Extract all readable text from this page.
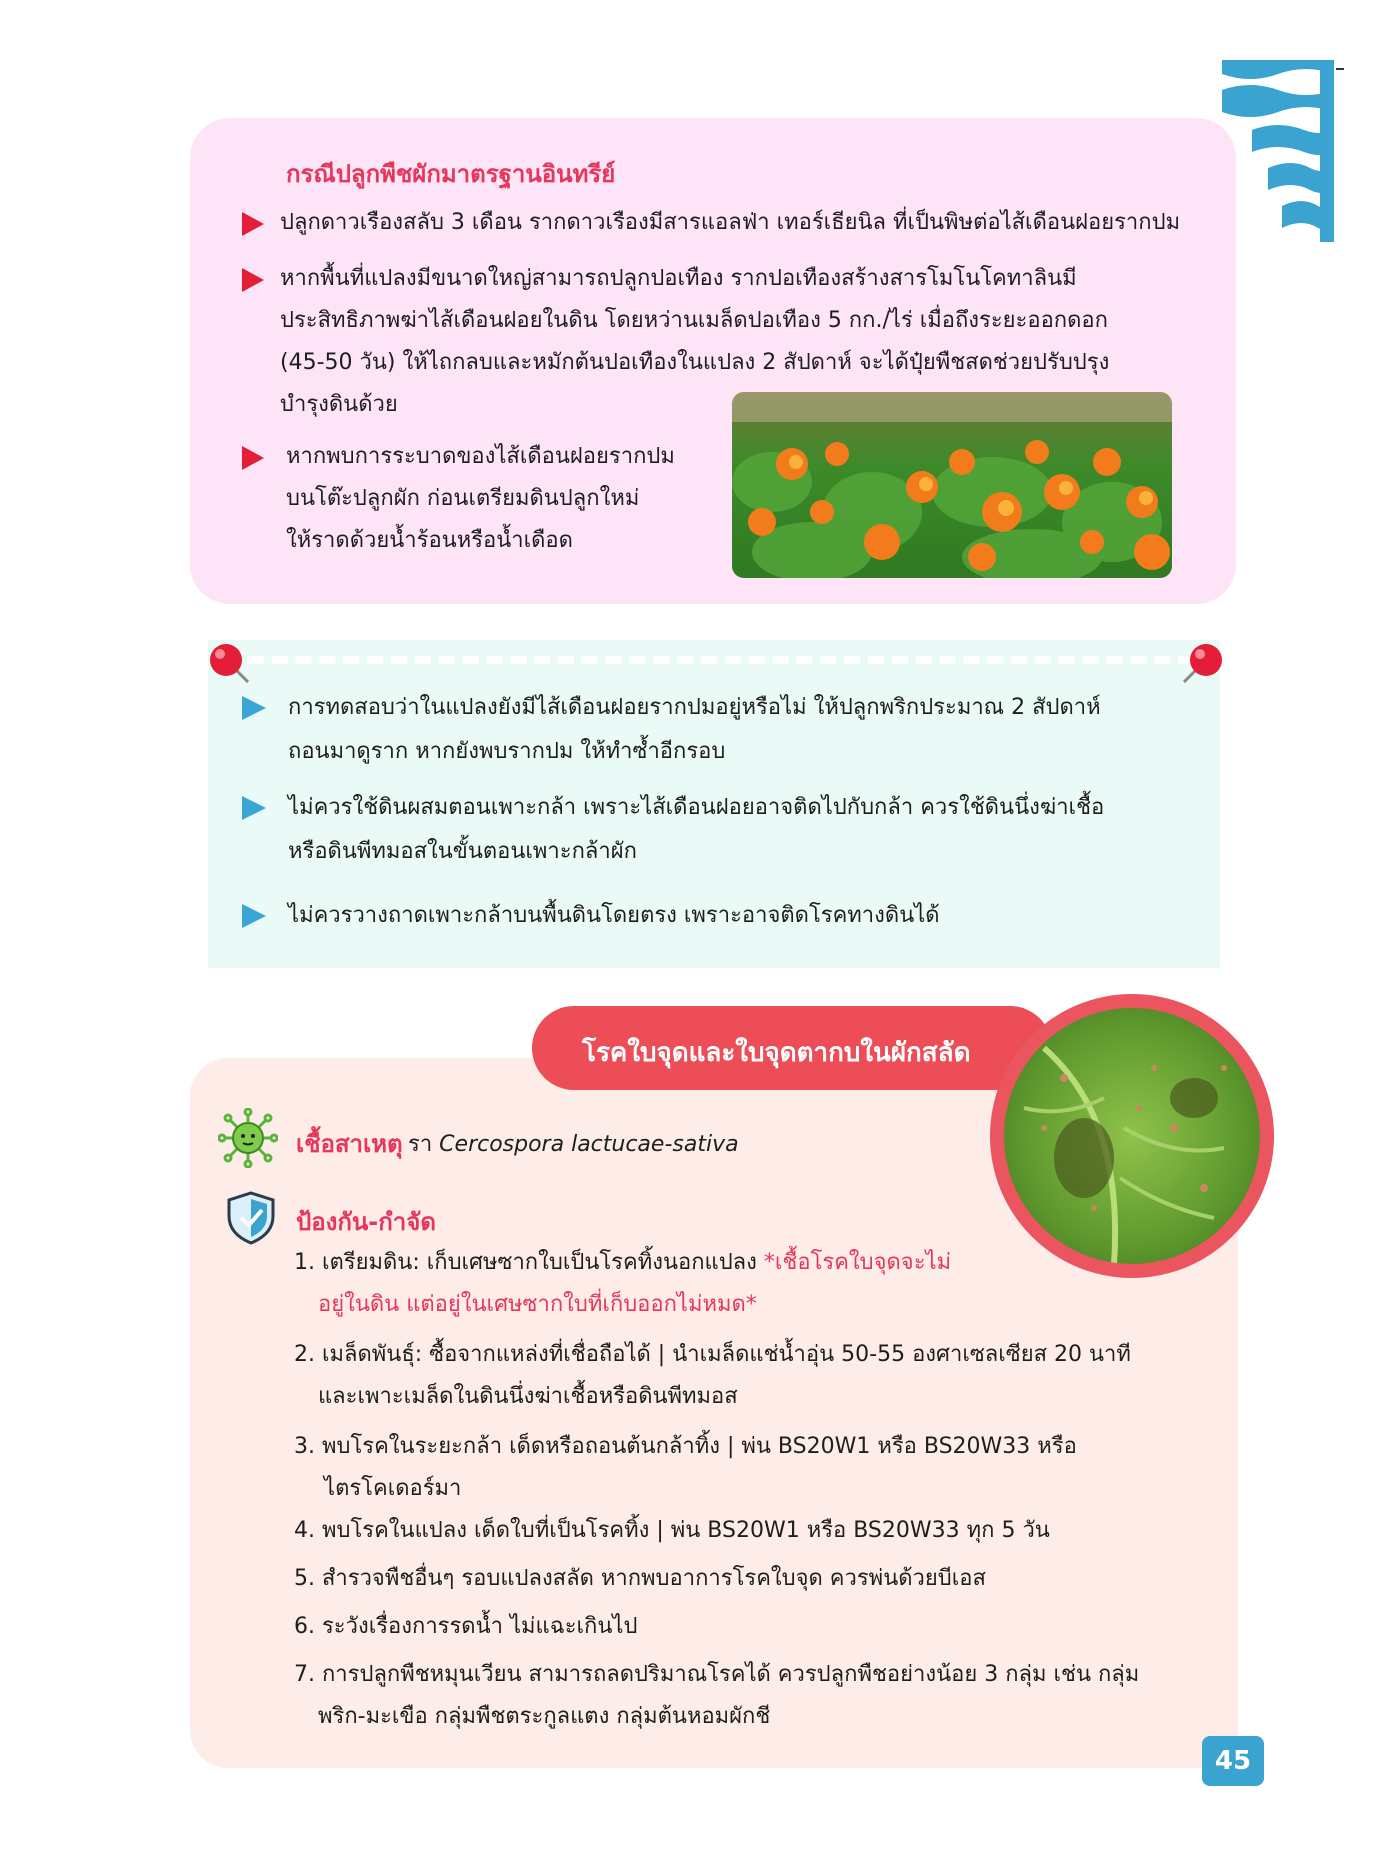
กรณีปลูกพืชผักมาตรฐานอินทรีย์
ปลูกดาวเรืองสลับ 3 เดือน รากดาวเรืองมีสารแอลฟ่า เทอร์เธียนิล ที่เป็นพิษต่อไส้เดือนฝอยรากปม
หากพื้นที่แปลงมีขนาดใหญ่สามารถปลูกปอเทือง รากปอเทืองสร้างสารโมโนโคทาลินมี
ประสิทธิภาพฆ่าไส้เดือนฝอยในดิน โดยหว่านเมล็ดปอเทือง 5 กก./ไร่ เมื่อถึงระยะออกดอก
(45-50 วัน) ให้ไถกลบและหมักต้นปอเทืองในแปลง 2 สัปดาห์ จะได้ปุ๋ยพืชสดช่วยปรับปรุง
บำรุงดินด้วย
หากพบการระบาดของไส้เดือนฝอยรากปม
บนโต๊ะปลูกผัก ก่อนเตรียมดินปลูกใหม่
ให้ราดด้วยน้ำร้อนหรือน้ำเดือด
การทดสอบว่าในแปลงยังมีไส้เดือนฝอยรากปมอยู่หรือไม่ ให้ปลูกพริกประมาณ 2 สัปดาห์
ถอนมาดูราก หากยังพบรากปม ให้ทำซ้ำอีกรอบ
ไม่ควรใช้ดินผสมตอนเพาะกล้า เพราะไส้เดือนฝอยอาจติดไปกับกล้า ควรใช้ดินนึ่งฆ่าเชื้อ
หรือดินพีทมอสในขั้นตอนเพาะกล้าผัก
ไม่ควรวางถาดเพาะกล้าบนพื้นดินโดยตรง เพราะอาจติดโรคทางดินได้
โรคใบจุดและใบจุดตากบในผักสลัด
เชื้อสาเหตุ รา Cercospora lactucae-sativa
ป้องกัน-กำจัด
1. เตรียมดิน: เก็บเศษซากใบเป็นโรคทิ้งนอกแปลง *เชื้อโรคใบจุดจะไม่
อยู่ในดิน แต่อยู่ในเศษซากใบที่เก็บออกไม่หมด*
2. เมล็ดพันธุ์: ซื้อจากแหล่งที่เชื่อถือได้ | นำเมล็ดแช่น้ำอุ่น 50-55 องศาเซลเซียส 20 นาที
และเพาะเมล็ดในดินนึ่งฆ่าเชื้อหรือดินพีทมอส
3. พบโรคในระยะกล้า เด็ดหรือถอนต้นกล้าทิ้ง | พ่น BS20W1 หรือ BS20W33 หรือ
ไตรโคเดอร์มา
4. พบโรคในแปลง เด็ดใบที่เป็นโรคทิ้ง | พ่น BS20W1 หรือ BS20W33 ทุก 5 วัน
5. สำรวจพืชอื่นๆ รอบแปลงสลัด หากพบอาการโรคใบจุด ควรพ่นด้วยบีเอส
6. ระวังเรื่องการรดน้ำ ไม่แฉะเกินไป
7. การปลูกพืชหมุนเวียน สามารถลดปริมาณโรคได้ ควรปลูกพืชอย่างน้อย 3 กลุ่ม เช่น กลุ่ม
พริก-มะเขือ กลุ่มพืชตระกูลแตง กลุ่มต้นหอมผักชี
45
